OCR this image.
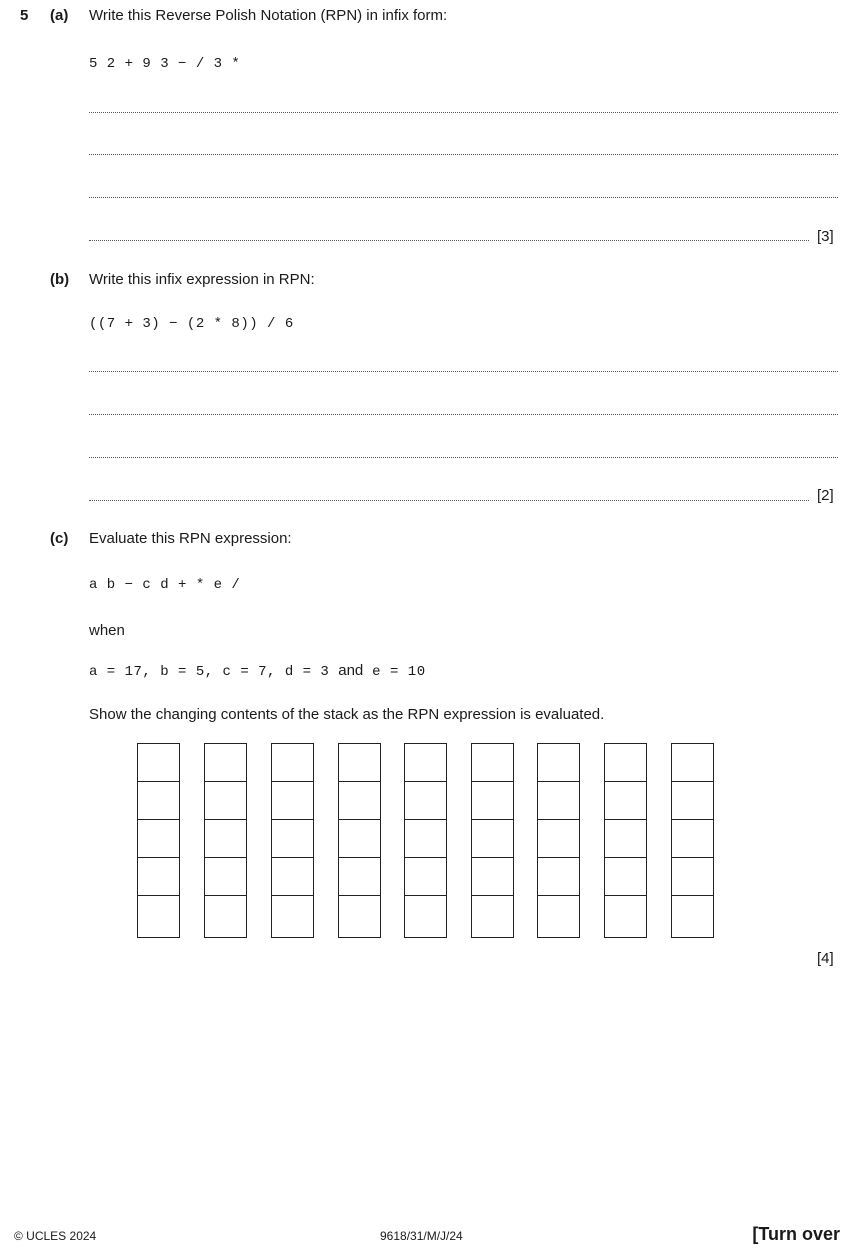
5 (a) Write this Reverse Polish Notation (RPN) in infix form:
5 2 + 9 3 − / 3 *
[3]
(b) Write this infix expression in RPN:
((7 + 3) − (2 * 8)) / 6
[2]
(c) Evaluate this RPN expression:
a b − c d + * e /
when
a = 17, b = 5, c = 7, d = 3 and e = 10
Show the changing contents of the stack as the RPN expression is evaluated.
[4]
© UCLES 2024	9618/31/M/J/24	[Turn over
